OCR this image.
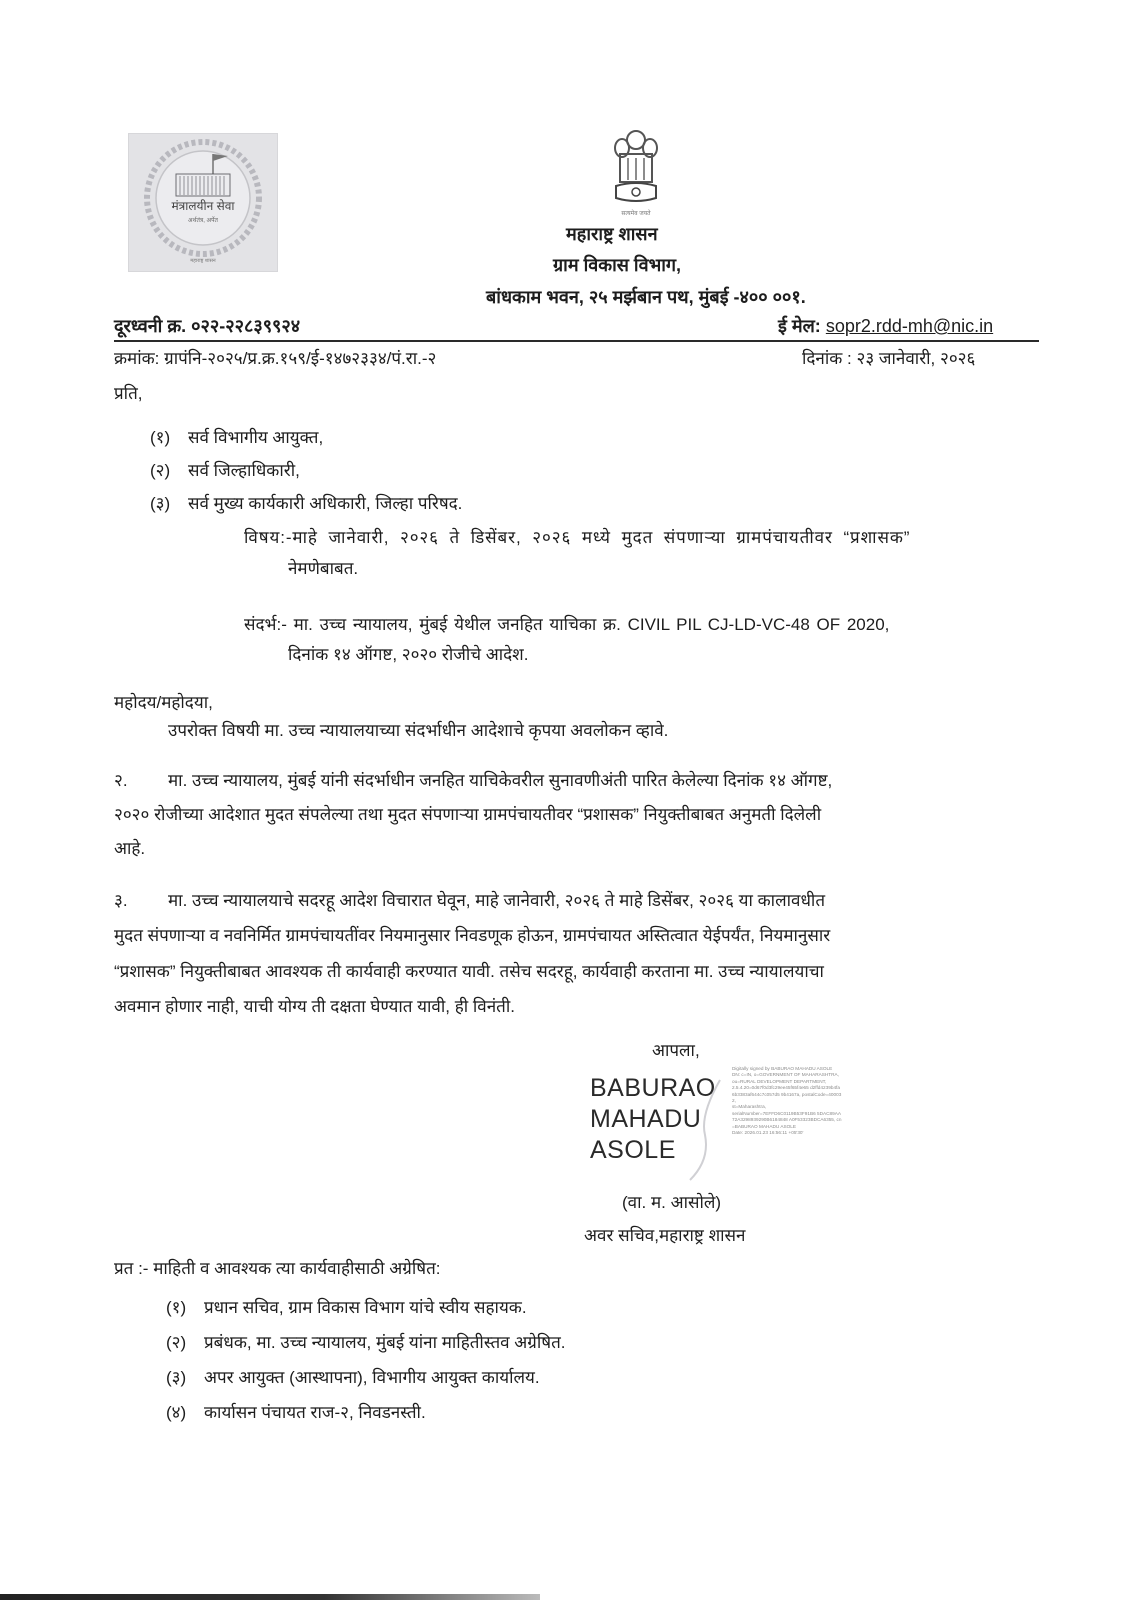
मंत्रालयीन सेवा
अर्थतंत्र, अर्पेत
महाराष्ट्र शासन
सत्यमेव जयते
महाराष्ट्र शासन
ग्राम विकास विभाग,
बांधकाम भवन, २५ मर्झबान पथ, मुंबई -४०० ००१.
दूरध्वनी क्र. ०२२-२२८३९९२४	ई मेल: sopr2.rdd-mh@nic.in
क्रमांक: ग्रापंनि-२०२५/प्र.क्र.१५९/ई-१४७२३३४/पं.रा.-२	दिनांक : २३ जानेवारी, २०२६
प्रति,
(१) सर्व विभागीय आयुक्त,
(२) सर्व जिल्हाधिकारी,
(३) सर्व मुख्य कार्यकारी अधिकारी, जिल्हा परिषद.
विषय:-माहे जानेवारी, २०२६ ते डिसेंबर, २०२६ मध्ये मुदत संपणाऱ्या ग्रामपंचायतीवर “प्रशासक”
नेमणेबाबत.
संदर्भ:- मा. उच्च न्यायालय, मुंबई येथील जनहित याचिका क्र. CIVIL PIL CJ-LD-VC-48 OF 2020,
दिनांक १४ ऑगष्ट, २०२० रोजीचे आदेश.
महोदय/महोदया,
उपरोक्त विषयी मा. उच्च न्यायालयाच्या संदर्भाधीन आदेशाचे कृपया अवलोकन व्हावे.
२. मा. उच्च न्यायालय, मुंबई यांनी संदर्भाधीन जनहित याचिकेवरील सुनावणीअंती पारित केलेल्या दिनांक १४ ऑगष्ट,
२०२० रोजीच्या आदेशात मुदत संपलेल्या तथा मुदत संपणाऱ्या ग्रामपंचायतीवर “प्रशासक” नियुक्तीबाबत अनुमती दिलेली
आहे.
३. मा. उच्च न्यायालयाचे सदरहू आदेश विचारात घेवून, माहे जानेवारी, २०२६ ते माहे डिसेंबर, २०२६ या कालावधीत
मुदत संपणाऱ्या व नवनिर्मित ग्रामपंचायतींवर नियमानुसार निवडणूक होऊन, ग्रामपंचायत अस्तित्वात येईपर्यंत, नियमानुसार
“प्रशासक” नियुक्तीबाबत आवश्यक ती कार्यवाही करण्यात यावी. तसेच सदरहू, कार्यवाही करताना मा. उच्च न्यायालयाचा
अवमान होणार नाही, याची योग्य ती दक्षता घेण्यात यावी, ही विनंती.
आपला,
BABURAO
MAHADU
ASOLE
Digitally signed by BABURAO MAHADU ASOLE
DN: c=IN, o=GOVERNMENT OF MAHARASHTRA, ou=RURAL DEVELOPMENT DEPARTMENT,
2.5.4.20=0d67f0d3fc29ee45f65f4e65 d2ffd4239b4fa6b3383af644c7c057d5 9b4167a, postalCode=400032,
st=Maharashtra,
serialNumber=7EFFD6C0119B53F91B6 5DAC89AA72A3298939290B6184848 A0F53323BDCA6355, cn=BABURAO MAHADU ASOLE
Date: 2026.01.23 16:56:11 +05'30'
(वा. म. आसोले)
अवर सचिव,महाराष्ट्र शासन
प्रत :- माहिती व आवश्यक त्या कार्यवाहीसाठी अग्रेषित:
(१) प्रधान सचिव, ग्राम विकास विभाग यांचे स्वीय सहायक.
(२) प्रबंधक, मा. उच्च न्यायालय, मुंबई यांना माहितीस्तव अग्रेषित.
(३) अपर आयुक्त (आस्थापना), विभागीय आयुक्त कार्यालय.
(४) कार्यासन पंचायत राज-२, निवडनस्ती.
